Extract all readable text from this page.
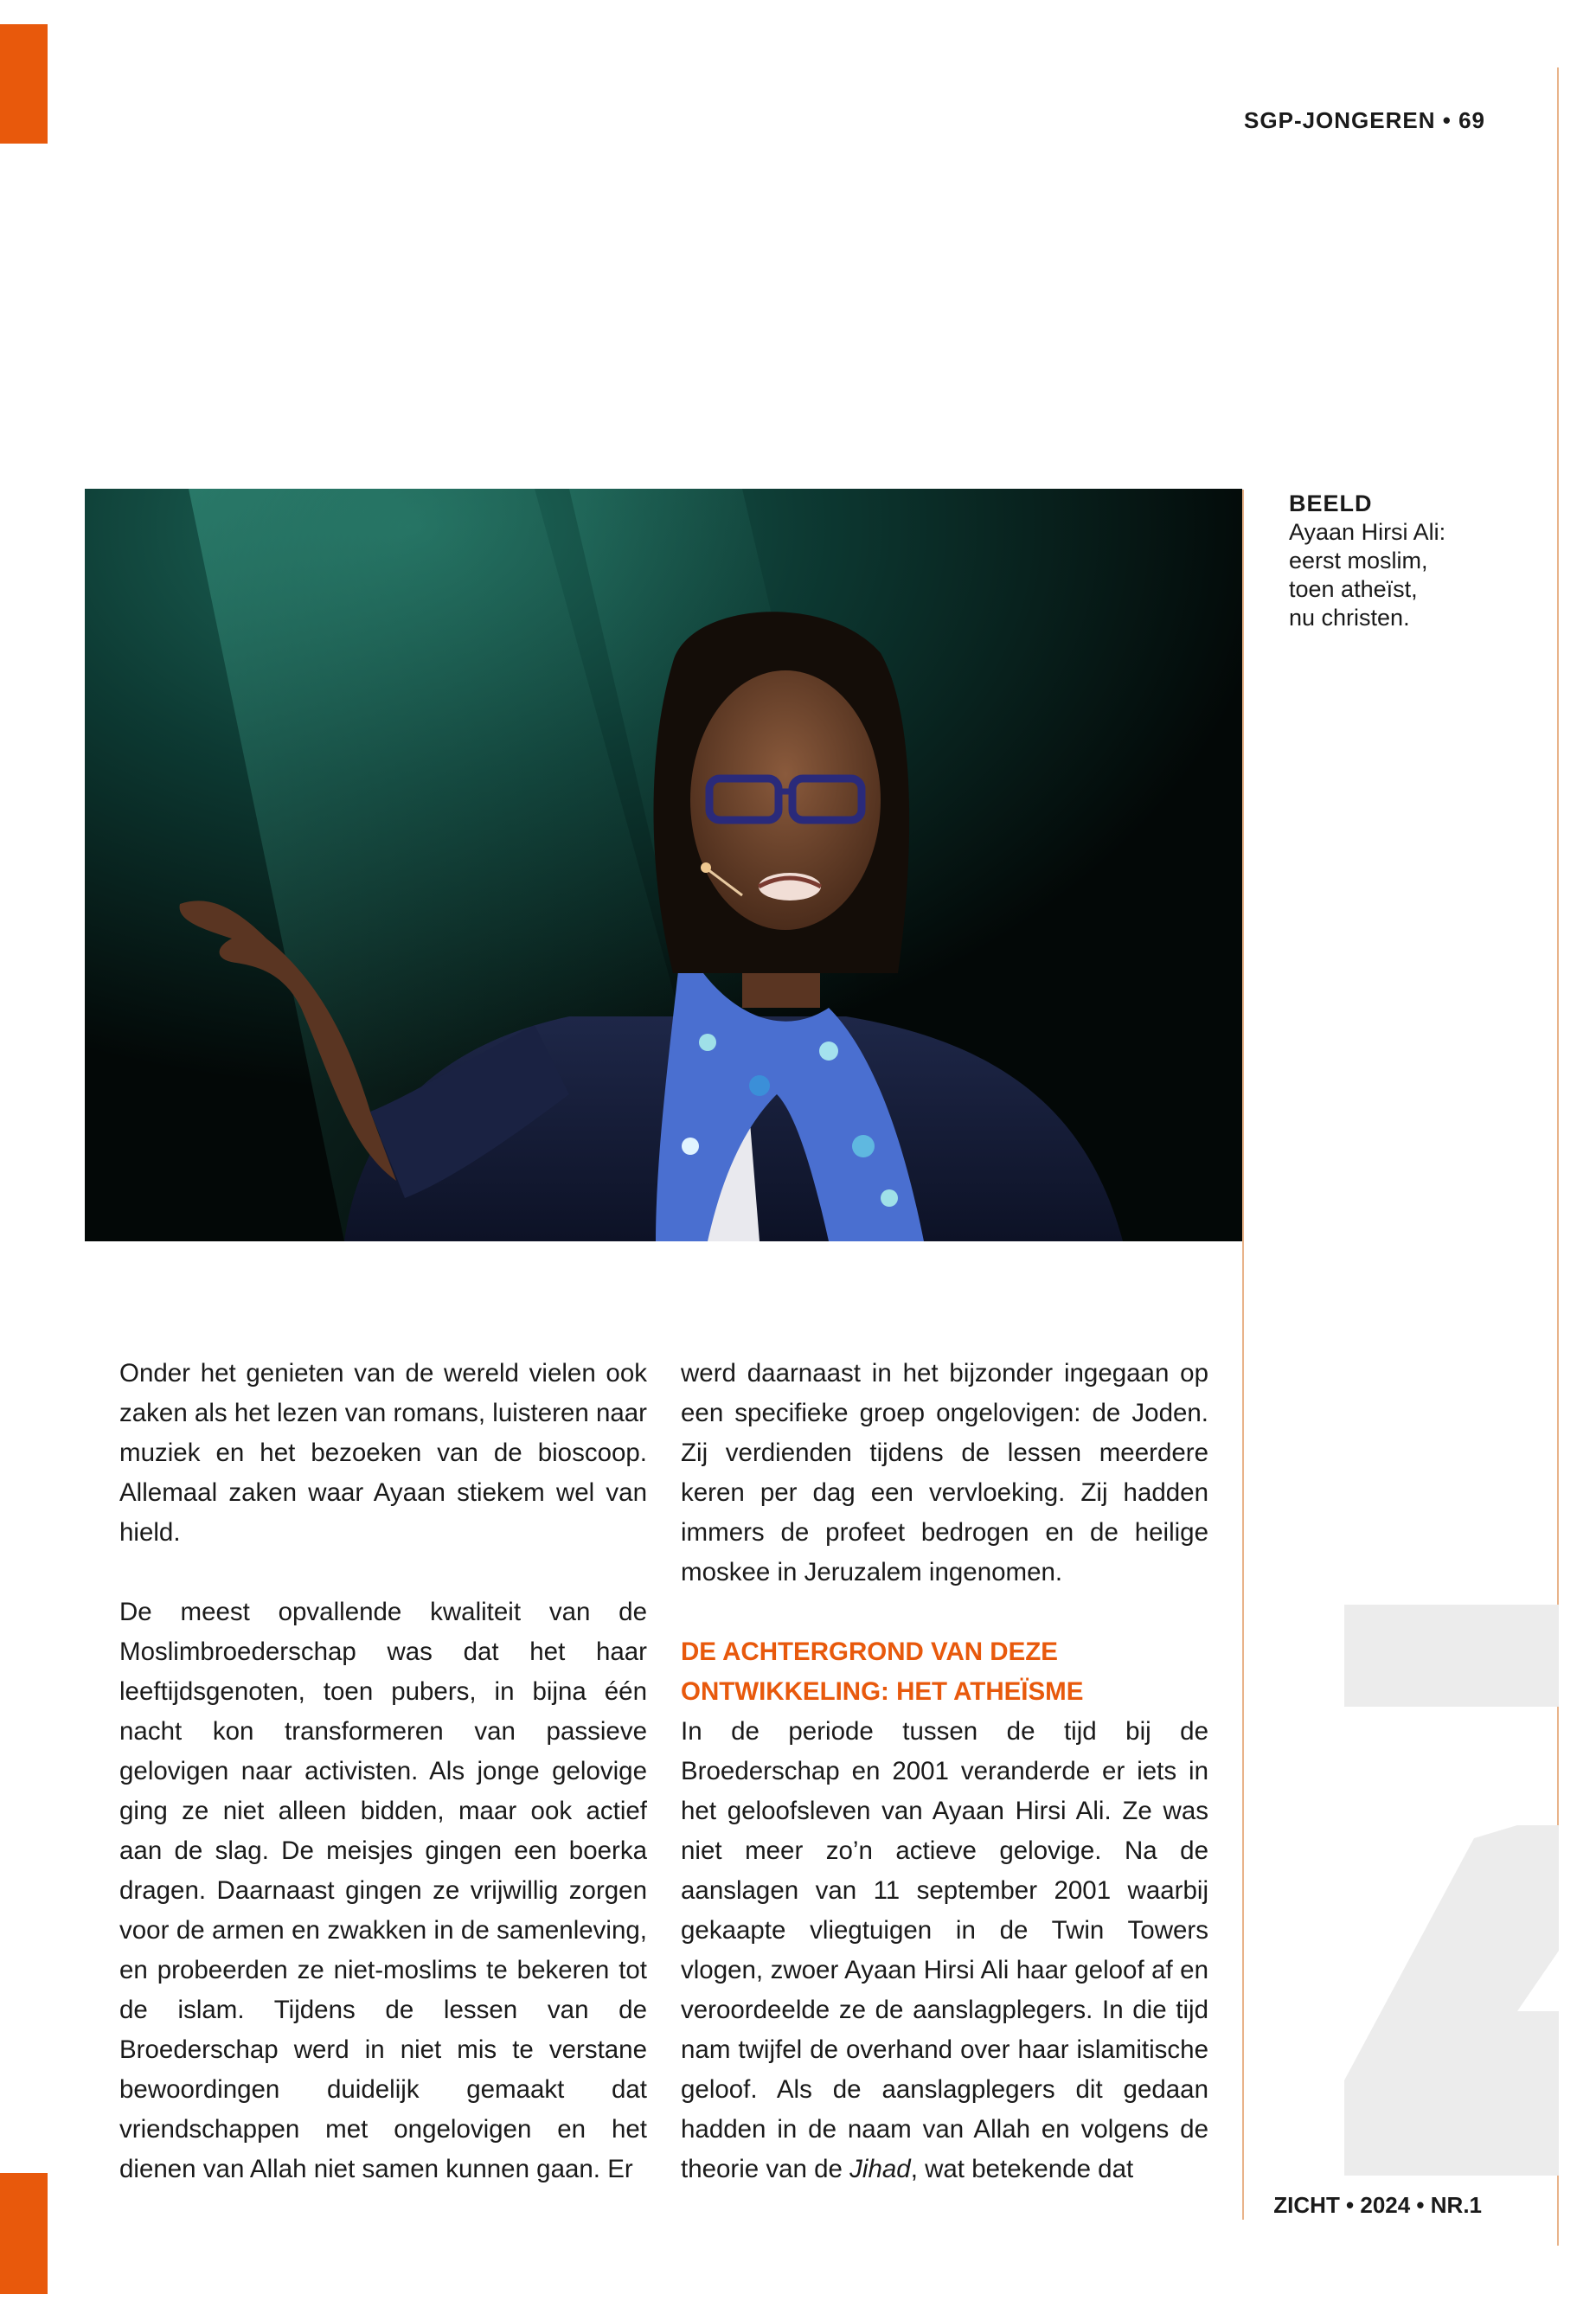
SGP-JONGEREN • 69
BEELD
Ayaan Hirsi Ali:
eerst moslim,
toen atheïst,
nu christen.

Onder het genieten van de wereld vielen ook zaken als het lezen van romans, luisteren naar muziek en het bezoeken van de bioscoop. Allemaal zaken waar Ayaan stiekem wel van hield.

De meest opvallende kwaliteit van de Moslimbroederschap was dat het haar leeftijdsgenoten, toen pubers, in bijna één nacht kon transformeren van passieve gelovigen naar activisten. Als jonge gelovige ging ze niet alleen bidden, maar ook actief aan de slag. De meisjes gingen een boerka dragen. Daarnaast gingen ze vrijwillig zorgen voor de armen en zwakken in de samenleving, en probeerden ze niet-moslims te bekeren tot de islam. Tijdens de lessen van de Broederschap werd in niet mis te verstane bewoordingen duidelijk gemaakt dat vriendschappen met ongelovigen en het dienen van Allah niet samen kunnen gaan. Er

werd daarnaast in het bijzonder ingegaan op een specifieke groep ongelovigen: de Joden. Zij verdienden tijdens de lessen meerdere keren per dag een vervloeking. Zij hadden immers de profeet bedrogen en de heilige moskee in Jeruzalem ingenomen.

DE ACHTERGROND VAN DEZE ONTWIKKELING: HET ATHEÏSME

In de periode tussen de tijd bij de Broederschap en 2001 veranderde er iets in het geloofsleven van Ayaan Hirsi Ali. Ze was niet meer zo’n actieve gelovige. Na de aanslagen van 11 september 2001 waarbij gekaapte vliegtuigen in de Twin Towers vlogen, zwoer Ayaan Hirsi Ali haar geloof af en veroordeelde ze de aanslagplegers. In die tijd nam twijfel de overhand over haar islamitische geloof. Als de aanslagplegers dit gedaan hadden in de naam van Allah en volgens de theorie van de Jihad, wat betekende dat

ZICHT • 2024 • NR.1
